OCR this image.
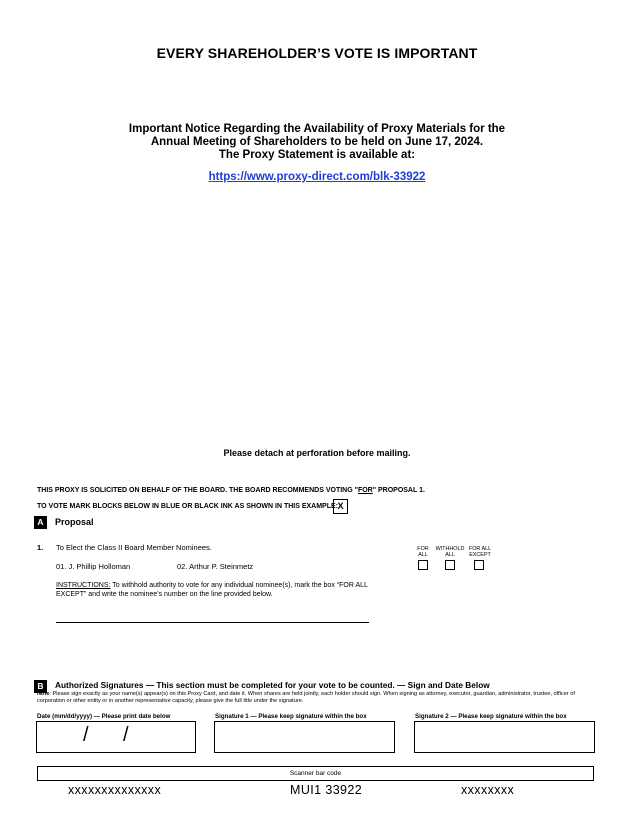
EVERY SHAREHOLDER’S VOTE IS IMPORTANT
Important Notice Regarding the Availability of Proxy Materials for the
Annual Meeting of Shareholders to be held on June 17, 2024.
The Proxy Statement is available at:
https://www.proxy-direct.com/blk-33922
Please detach at perforation before mailing.
THIS PROXY IS SOLICITED ON BEHALF OF THE BOARD. THE BOARD RECOMMENDS VOTING "FOR" PROPOSAL 1.
TO VOTE MARK BLOCKS BELOW IN BLUE OR BLACK INK AS SHOWN IN THIS EXAMPLE: X
A	Proposal
1. To Elect the Class II Board Member Nominees.
01. J. Phillip Holloman	02. Arthur P. Steinmetz
FOR
ALL
WITHHOLD
ALL
FOR ALL
EXCEPT
INSTRUCTIONS: To withhold authority to vote for any individual nominee(s), mark the box “FOR ALL EXCEPT” and write the nominee’s number on the line provided below.
B	Authorized Signatures — This section must be completed for your vote to be counted. — Sign and Date Below
Note: Please sign exactly as your name(s) appear(s) on this Proxy Card, and date it. When shares are held jointly, each holder should sign. When signing as attorney, executor, guardian, administrator, trustee, officer of corporation or other entity or in another representative capacity, please give the full title under the signature.
Date (mm/dd/yyyy) — Please print date below	Signature 1 — Please keep signature within the box	Signature 2 — Please keep signature within the box
/ /
Scanner bar code
xxxxxxxxxxxxxx	MUI1 33922	xxxxxxxx
